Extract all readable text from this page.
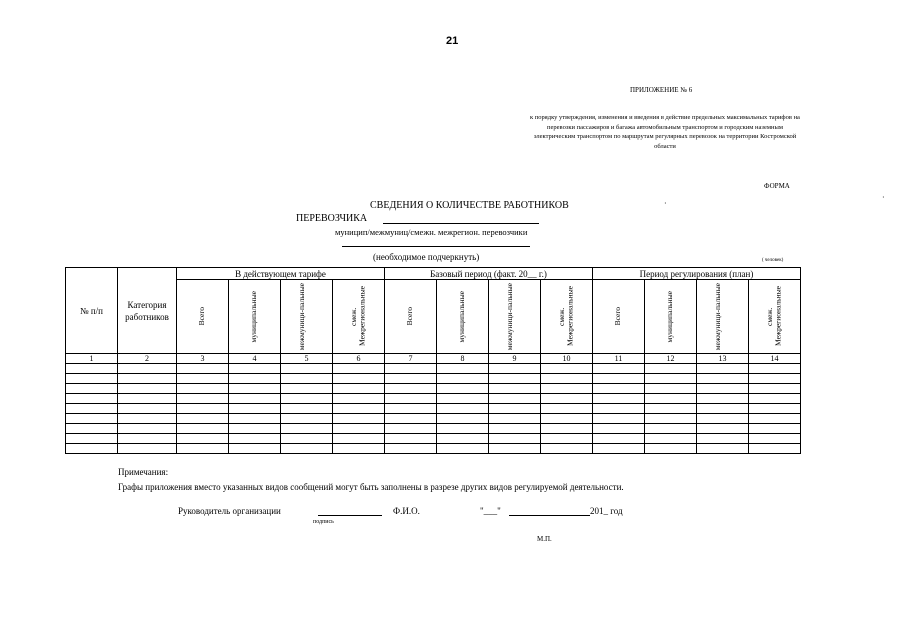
21
ПРИЛОЖЕНИЕ № 6
к порядку утверждения, изменения и введения в действие предельных максимальных тарифов на перевозки пассажиров и багажа автомобильным транспортом и городским наземным электрическим транспортом по маршрутам регулярных перевозок на территории Костромской области
ФОРМА
·
·
СВЕДЕНИЯ О КОЛИЧЕСТВЕ РАБОТНИКОВ
ПЕРЕВОЗЧИКА
муницип/межмуниц/смежн. межрегион. перевозчики
(необходимое подчеркнуть)	( человек)
№ п/п	Категория работников	В действующем тарифе				Базовый период (факт. 20__ г.)				Период регулирования (план)			

		Всего	муниципальные	межмуници-пальные	смеж. Межрегиональные	Всего	муниципальные	межмуници-пальные	смеж. Межрегиональные	Всего	муниципальные	межмуници-пальные	смеж. Межрегиональные

1	2	3	4	5	6	7	8	9	10	11	12	13	14

Примечания:
Графы приложения вместо указанных видов сообщений могут быть заполнены в разрезе других видов регулируемой деятельности.
Руководитель организации
подпись
Ф.И.О.	"___"	201_ год
М.П.
